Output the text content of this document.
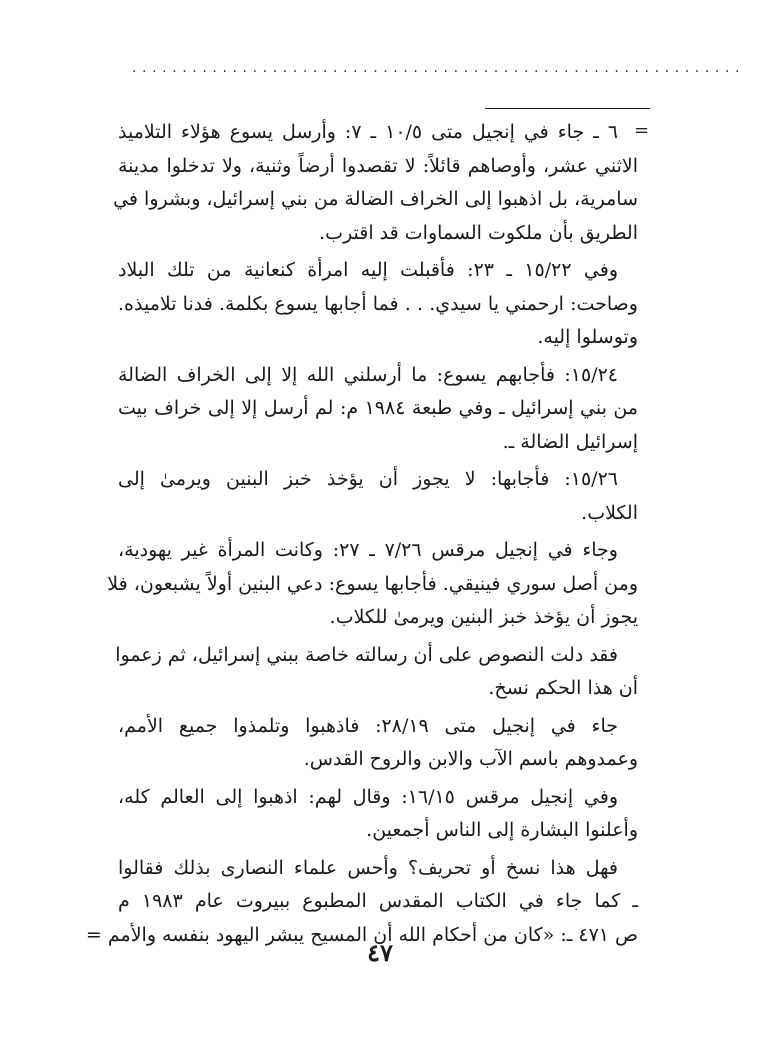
.............................................................
=
٦ ـ جاء في إنجيل متى ١٠/٥ ـ ٧: وأرسل يسوع هؤلاء التلاميذ
الاثني عشر، وأوصاهم قائلاً: لا تقصدوا أرضاً وثنية، ولا تدخلوا مدينة
سامرية، بل اذهبوا إلى الخراف الضالة من بني إسرائيل، وبشروا في
الطريق بأن ملكوت السماوات قد اقترب.
وفي ١٥/٢٢ ـ ٢٣: فأقبلت إليه امرأة كنعانية من تلك البلاد
وصاحت: ارحمني يا سيدي. . . فما أجابها يسوع بكلمة. فدنا تلاميذه.
وتوسلوا إليه.
١٥/٢٤: فأجابهم يسوع: ما أرسلني الله إلا إلى الخراف الضالة
من بني إسرائيل ـ وفي طبعة ١٩٨٤ م: لم أرسل إلا إلى خراف بيت
إسرائيل الضالة ـ.
١٥/٢٦: فأجابها: لا يجوز أن يؤخذ خبز البنين ويرمىٰ إلى
الكلاب.
وجاء في إنجيل مرقس ٧/٢٦ ـ ٢٧: وكانت المرأة غير يهودية،
ومن أصل سوري فينيقي. فأجابها يسوع: دعي البنين أولاً يشبعون، فلا
يجوز أن يؤخذ خبز البنين ويرمىٰ للكلاب.
فقد دلت النصوص على أن رسالته خاصة ببني إسرائيل، ثم زعموا
أن هذا الحكم نسخ.
جاء في إنجيل متى ٢٨/١٩: فاذهبوا وتلمذوا جميع الأمم،
وعمدوهم باسم الآب والابن والروح القدس.
وفي إنجيل مرقس ١٦/١٥: وقال لهم: اذهبوا إلى العالم كله،
وأعلنوا البشارة إلى الناس أجمعين.
فهل هذا نسخ أو تحريف؟ وأحس علماء النصارى بذلك فقالوا
ـ كما جاء في الكتاب المقدس المطبوع ببيروت عام ١٩٨٣ م
ص ٤٧١ ـ: «كان من أحكام الله أن المسيح يبشر اليهود بنفسه والأمم =
٤٧
